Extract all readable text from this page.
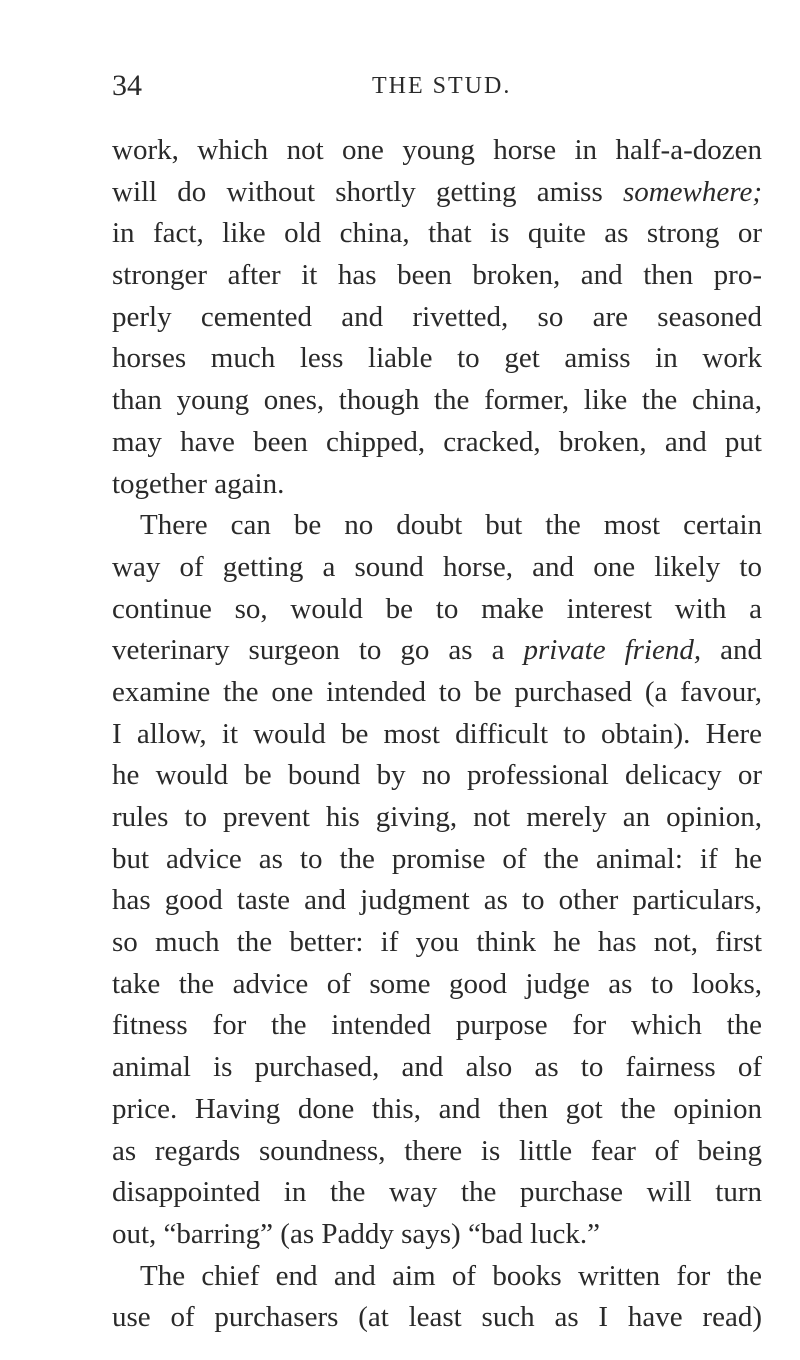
34	THE STUD.
work, which not one young horse in half-a-dozen
will do without shortly getting amiss somewhere;
in fact, like old china, that is quite as strong or
stronger after it has been broken, and then pro-
perly cemented and rivetted, so are seasoned
horses much less liable to get amiss in work
than young ones, though the former, like the china,
may have been chipped, cracked, broken, and put
together again.
There can be no doubt but the most certain
way of getting a sound horse, and one likely to
continue so, would be to make interest with a
veterinary surgeon to go as a private friend, and
examine the one intended to be purchased (a favour,
I allow, it would be most difficult to obtain). Here
he would be bound by no professional delicacy or
rules to prevent his giving, not merely an opinion,
but advice as to the promise of the animal: if he
has good taste and judgment as to other particulars,
so much the better: if you think he has not, first
take the advice of some good judge as to looks,
fitness for the intended purpose for which the
animal is purchased, and also as to fairness of
price. Having done this, and then got the opinion
as regards soundness, there is little fear of being
disappointed in the way the purchase will turn
out, “barring” (as Paddy says) “bad luck.”
The chief end and aim of books written for the
use of purchasers (at least such as I have read)
